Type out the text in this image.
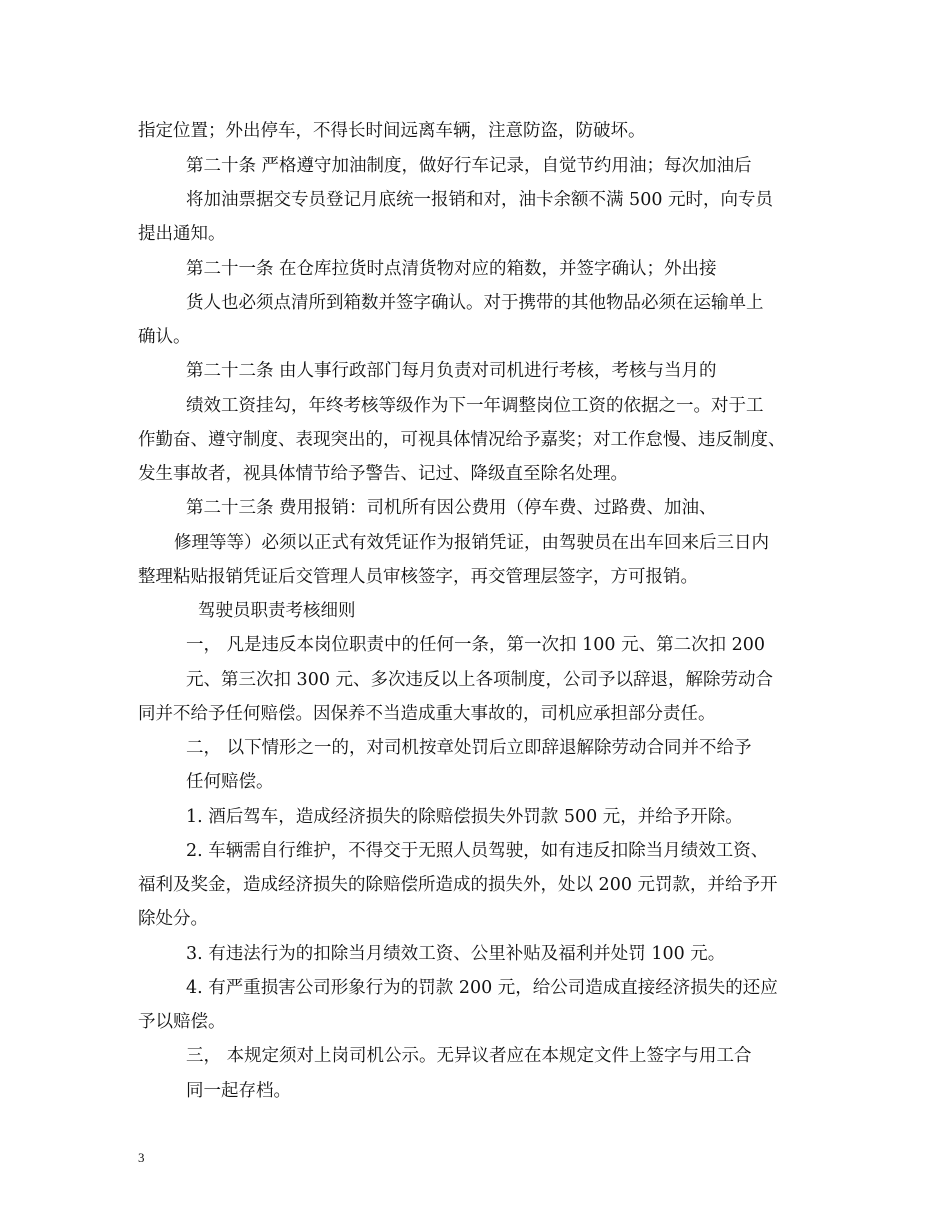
指定位置；外出停车，不得长时间远离车辆，注意防盗，防破坏。
第二十条 严格遵守加油制度，做好行车记录，自觉节约用油；每次加油后
将加油票据交专员登记月底统一报销和对，油卡余额不满 500 元时，向专员
提出通知。
第二十一条 在仓库拉货时点清货物对应的箱数，并签字确认；外出接
货人也必须点清所到箱数并签字确认。对于携带的其他物品必须在运输单上
确认。
第二十二条 由人事行政部门每月负责对司机进行考核，考核与当月的
绩效工资挂勾，年终考核等级作为下一年调整岗位工资的依据之一。对于工
作勤奋、遵守制度、表现突出的，可视具体情况给予嘉奖；对工作怠慢、违反制度、
发生事故者，视具体情节给予警告、记过、降级直至除名处理。
第二十三条 费用报销：司机所有因公费用（停车费、过路费、加油、
修理等等）必须以正式有效凭证作为报销凭证，由驾驶员在出车回来后三日内
整理粘贴报销凭证后交管理人员审核签字，再交管理层签字，方可报销。
驾驶员职责考核细则
一， 凡是违反本岗位职责中的任何一条，第一次扣 100 元、第二次扣 200
元、第三次扣 300 元、多次违反以上各项制度，公司予以辞退，解除劳动合
同并不给予任何赔偿。因保养不当造成重大事故的，司机应承担部分责任。
二， 以下情形之一的，对司机按章处罚后立即辞退解除劳动合同并不给予
任何赔偿。
1. 酒后驾车，造成经济损失的除赔偿损失外罚款 500 元，并给予开除。
2. 车辆需自行维护，不得交于无照人员驾驶，如有违反扣除当月绩效工资、
福利及奖金，造成经济损失的除赔偿所造成的损失外，处以 200 元罚款，并给予开
除处分。
3. 有违法行为的扣除当月绩效工资、公里补贴及福利并处罚 100 元。
4. 有严重损害公司形象行为的罚款 200 元，给公司造成直接经济损失的还应
予以赔偿。
三， 本规定须对上岗司机公示。无异议者应在本规定文件上签字与用工合
同一起存档。
3
